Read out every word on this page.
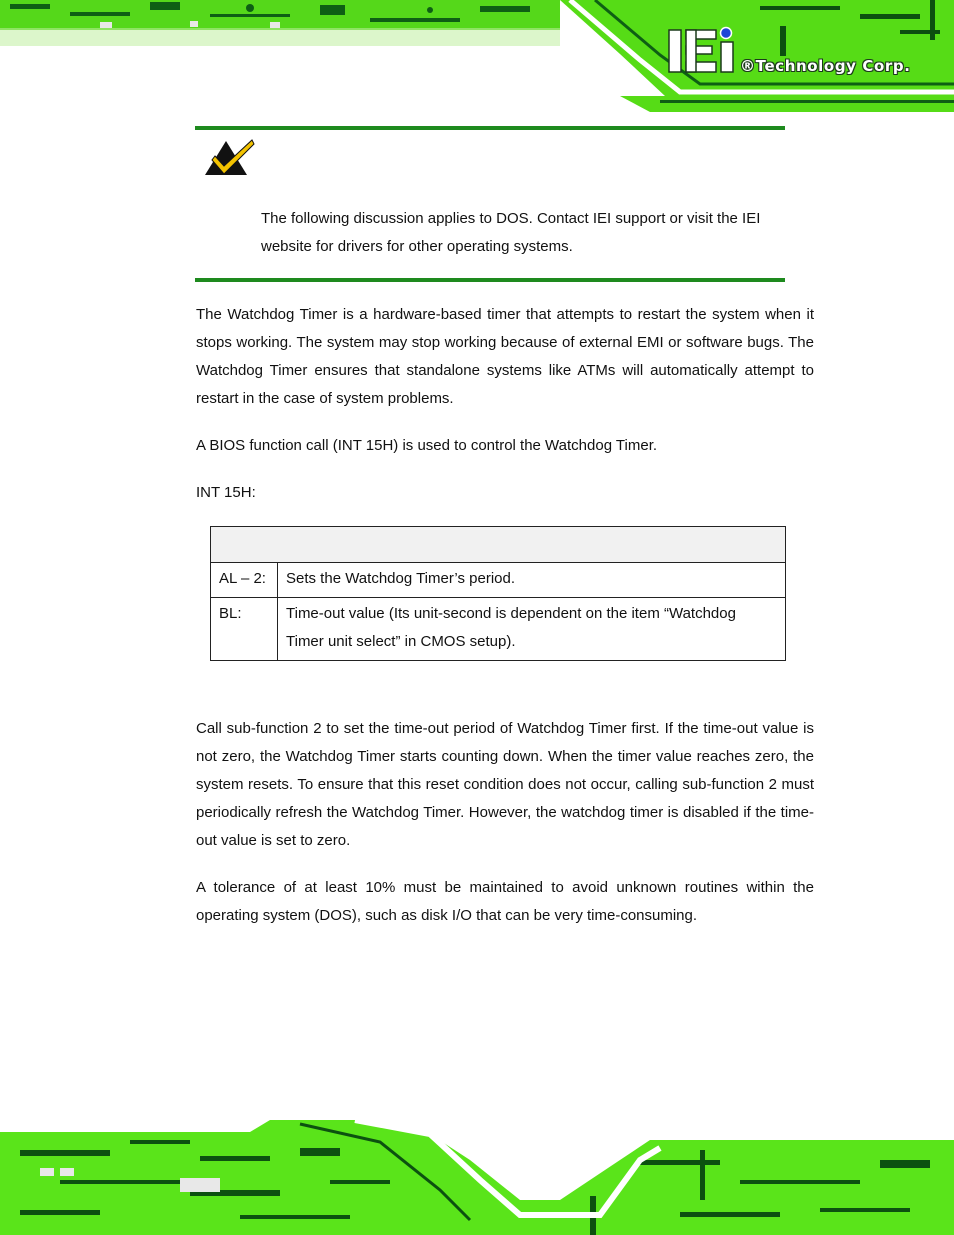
®Technology Corp.
The following discussion applies to DOS. Contact IEI support or visit the IEI website for drivers for other operating systems.
The Watchdog Timer is a hardware-based timer that attempts to restart the system when it stops working. The system may stop working because of external EMI or software bugs. The Watchdog Timer ensures that standalone systems like ATMs will automatically attempt to restart in the case of system problems.
A BIOS function call (INT 15H) is used to control the Watchdog Timer.
INT 15H:

AL – 2:	Sets the Watchdog Timer’s period.
BL:	Time-out value (Its unit-second is dependent on the item “Watchdog Timer unit select” in CMOS setup).
Call sub-function 2 to set the time-out period of Watchdog Timer first. If the time-out value is not zero, the Watchdog Timer starts counting down. When the timer value reaches zero, the system resets. To ensure that this reset condition does not occur, calling sub-function 2 must periodically refresh the Watchdog Timer. However, the watchdog timer is disabled if the time-out value is set to zero.
A tolerance of at least 10% must be maintained to avoid unknown routines within the operating system (DOS), such as disk I/O that can be very time-consuming.
